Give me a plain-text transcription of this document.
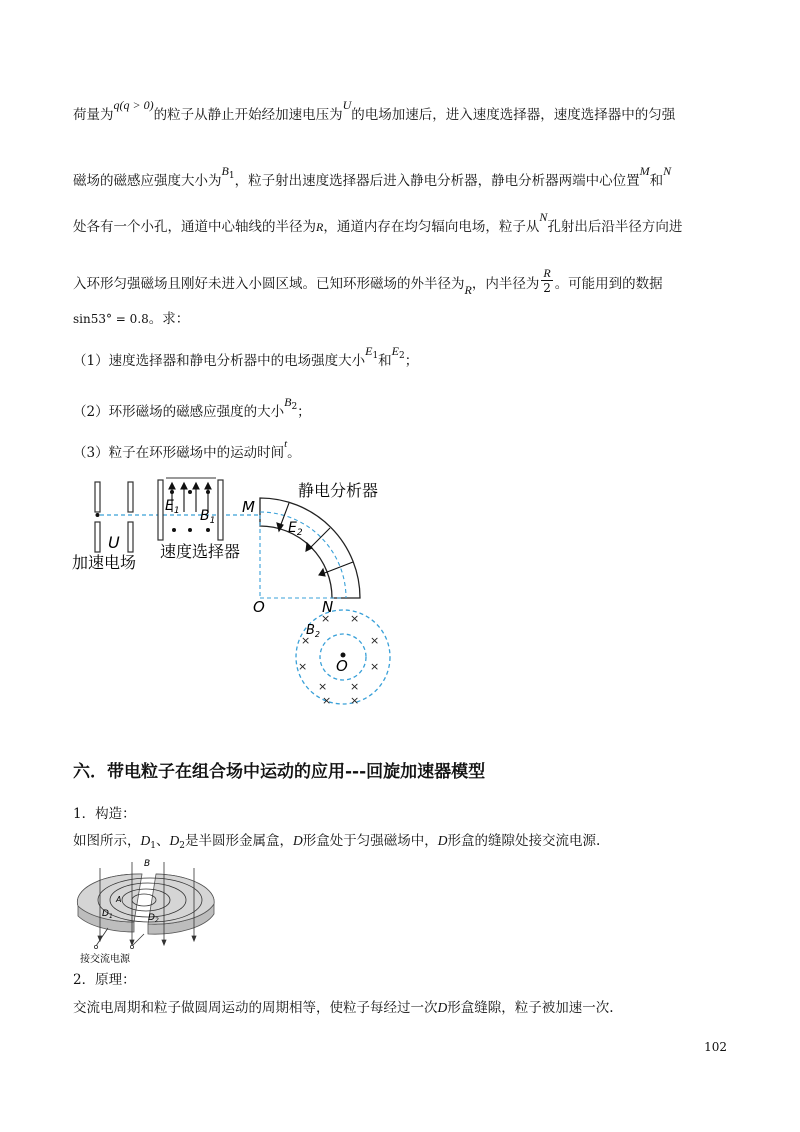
荷量为q(q > 0)的粒子从静止开始经加速电压为U的电场加速后，进入速度选择器，速度选择器中的匀强
磁场的磁感应强度大小为$B_1$，粒子射出速度选择器后进入静电分析器，静电分析器两端中心位置M和N
处各有一个小孔，通道中心轴线的半径为R，通道内存在均匀辐向电场，粒子从N孔射出后沿半径方向进
入环形匀强磁场且刚好未进入小圆区域。已知环形磁场的外半径为R，内半径为 $\frac{R}{2}$ 。可能用到的数据
sin53° = 0.8。求：
（1）速度选择器和静电分析器中的电场强度大小$E_1$和$E_2$；
（2）环形磁场的磁感应强度的大小$B_2$；
（3）粒子在环形磁场中的运动时间$^t$。
U
加速电场
$E_1$ $B_1$
速度选择器
M
$E_2$
静电分析器
O	N
O
$B_2$
× ×
×	×
×	×
× ×
× ×
六．带电粒子在组合场中运动的应用---回旋加速器模型
1．构造：
如图所示，$D_1$、$D_2$是半圆形金属盒，D形盒处于匀强磁场中，D形盒的缝隙处接交流电源.
B
A
$D_1$	$D_2$
接交流电源
2．原理：
交流电周期和粒子做圆周运动的周期相等，使粒子每经过一次D形盒缝隙，粒子被加速一次.
102
